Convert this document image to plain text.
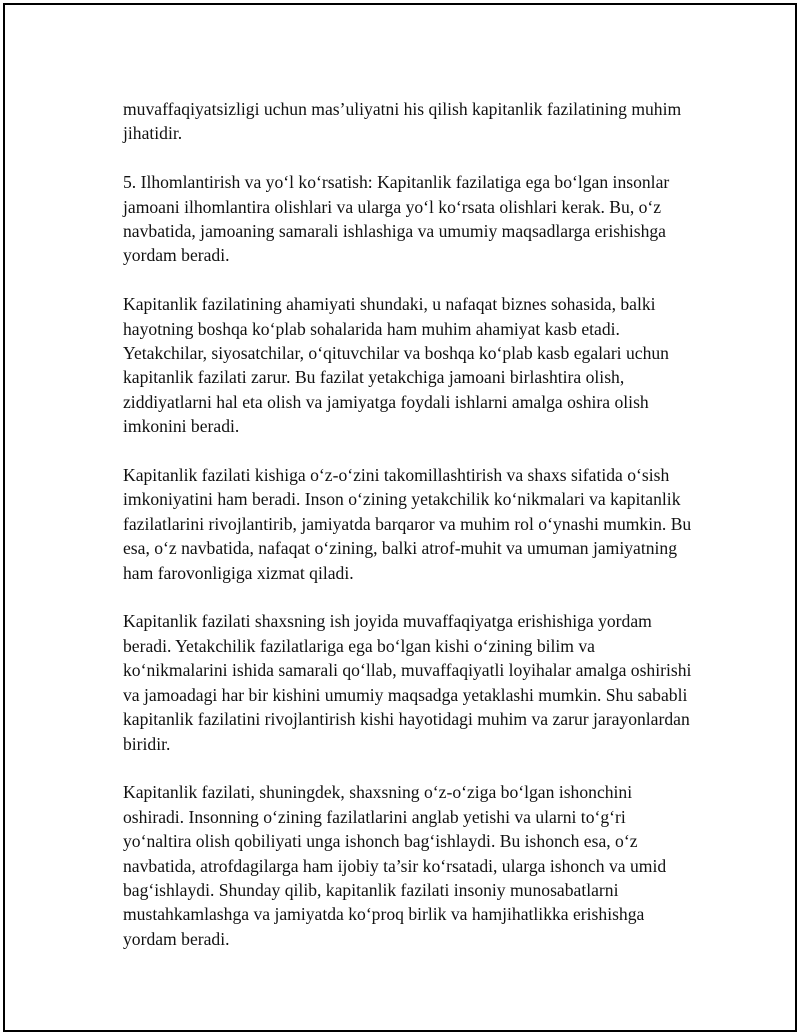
muvaffaqiyatsizligi uchun mas’uliyatni his qilish kapitanlik fazilatining muhim jihatidir.

5. Ilhomlantirish va yo‘l ko‘rsatish: Kapitanlik fazilatiga ega bo‘lgan insonlar jamoani ilhomlantira olishlari va ularga yo‘l ko‘rsata olishlari kerak. Bu, o‘z navbatida, jamoaning samarali ishlashiga va umumiy maqsadlarga erishishga yordam beradi.

Kapitanlik fazilatining ahamiyati shundaki, u nafaqat biznes sohasida, balki hayotning boshqa ko‘plab sohalarida ham muhim ahamiyat kasb etadi. Yetakchilar, siyosatchilar, o‘qituvchilar va boshqa ko‘plab kasb egalari uchun kapitanlik fazilati zarur. Bu fazilat yetakchiga jamoani birlashtira olish, ziddiyatlarni hal eta olish va jamiyatga foydali ishlarni amalga oshira olish imkonini beradi.

Kapitanlik fazilati kishiga o‘z-o‘zini takomillashtirish va shaxs sifatida o‘sish imkoniyatini ham beradi. Inson o‘zining yetakchilik ko‘nikmalari va kapitanlik fazilatlarini rivojlantirib, jamiyatda barqaror va muhim rol o‘ynashi mumkin. Bu esa, o‘z navbatida, nafaqat o‘zining, balki atrof-muhit va umuman jamiyatning ham farovonligiga xizmat qiladi.

Kapitanlik fazilati shaxsning ish joyida muvaffaqiyatga erishishiga yordam beradi. Yetakchilik fazilatlariga ega bo‘lgan kishi o‘zining bilim va ko‘nikmalarini ishida samarali qo‘llab, muvaffaqiyatli loyihalar amalga oshirishi va jamoadagi har bir kishini umumiy maqsadga yetaklashi mumkin. Shu sababli kapitanlik fazilatini rivojlantirish kishi hayotidagi muhim va zarur jarayonlardan biridir.

Kapitanlik fazilati, shuningdek, shaxsning o‘z-o‘ziga bo‘lgan ishonchini oshiradi. Insonning o‘zining fazilatlarini anglab yetishi va ularni to‘g‘ri yo‘naltira olish qobiliyati unga ishonch bag‘ishlaydi. Bu ishonch esa, o‘z navbatida, atrofdagilarga ham ijobiy ta’sir ko‘rsatadi, ularga ishonch va umid bag‘ishlaydi. Shunday qilib, kapitanlik fazilati insoniy munosabatlarni mustahkamlashga va jamiyatda ko‘proq birlik va hamjihatlikka erishishga yordam beradi.
